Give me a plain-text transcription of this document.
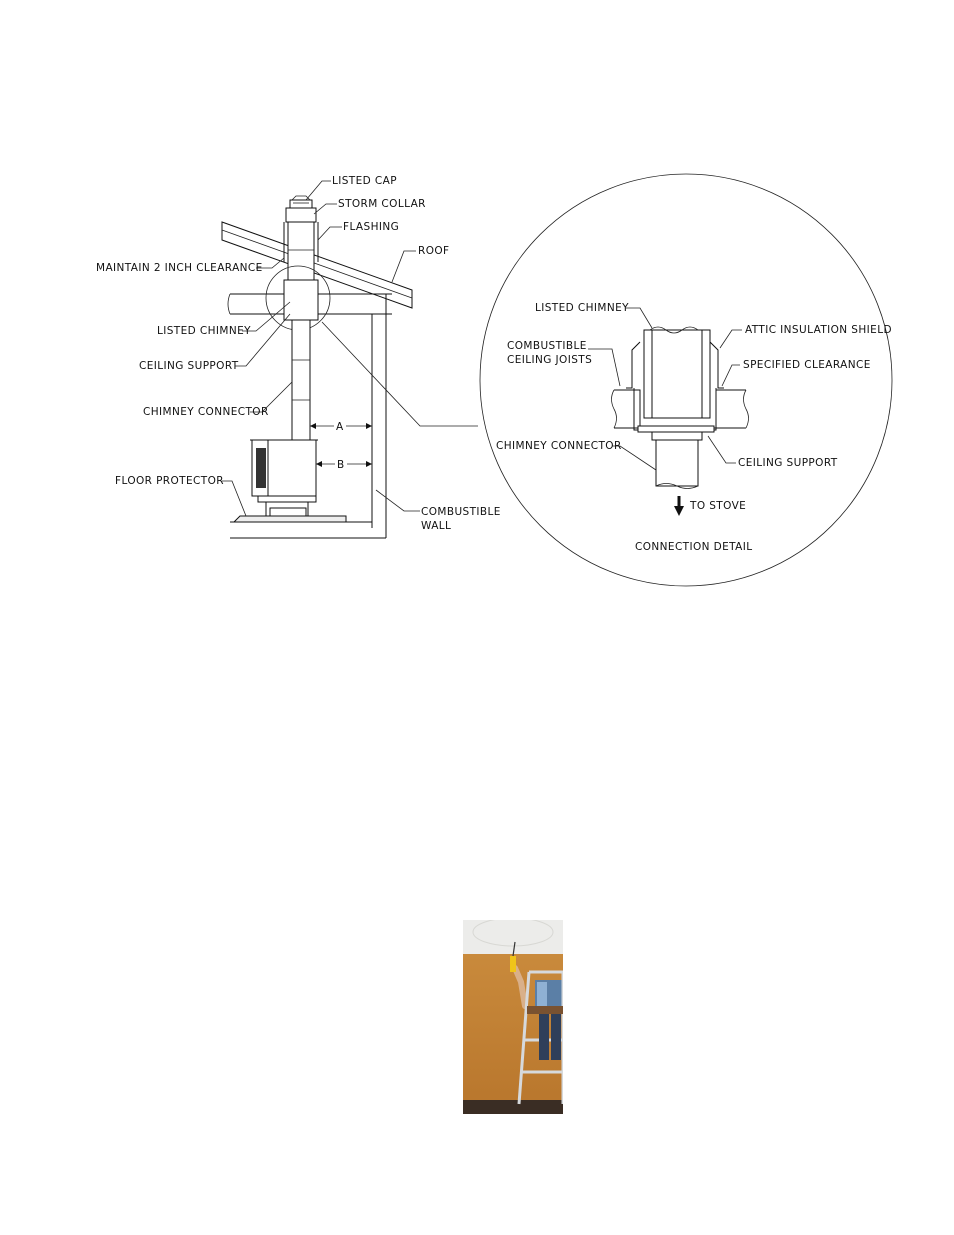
A
B
LISTED CAP
STORM COLLAR
FLASHING
ROOF
MAINTAIN 2 INCH CLEARANCE
LISTED CHIMNEY
CEILING SUPPORT
CHIMNEY CONNECTOR
FLOOR PROTECTOR
COMBUSTIBLE
WALL
LISTED CHIMNEY
ATTIC INSULATION SHIELD
COMBUSTIBLE
CEILING JOISTS	SPECIFIED CLEARANCE
CHIMNEY CONNECTOR
CEILING SUPPORT
TO STOVE
CONNECTION DETAIL
